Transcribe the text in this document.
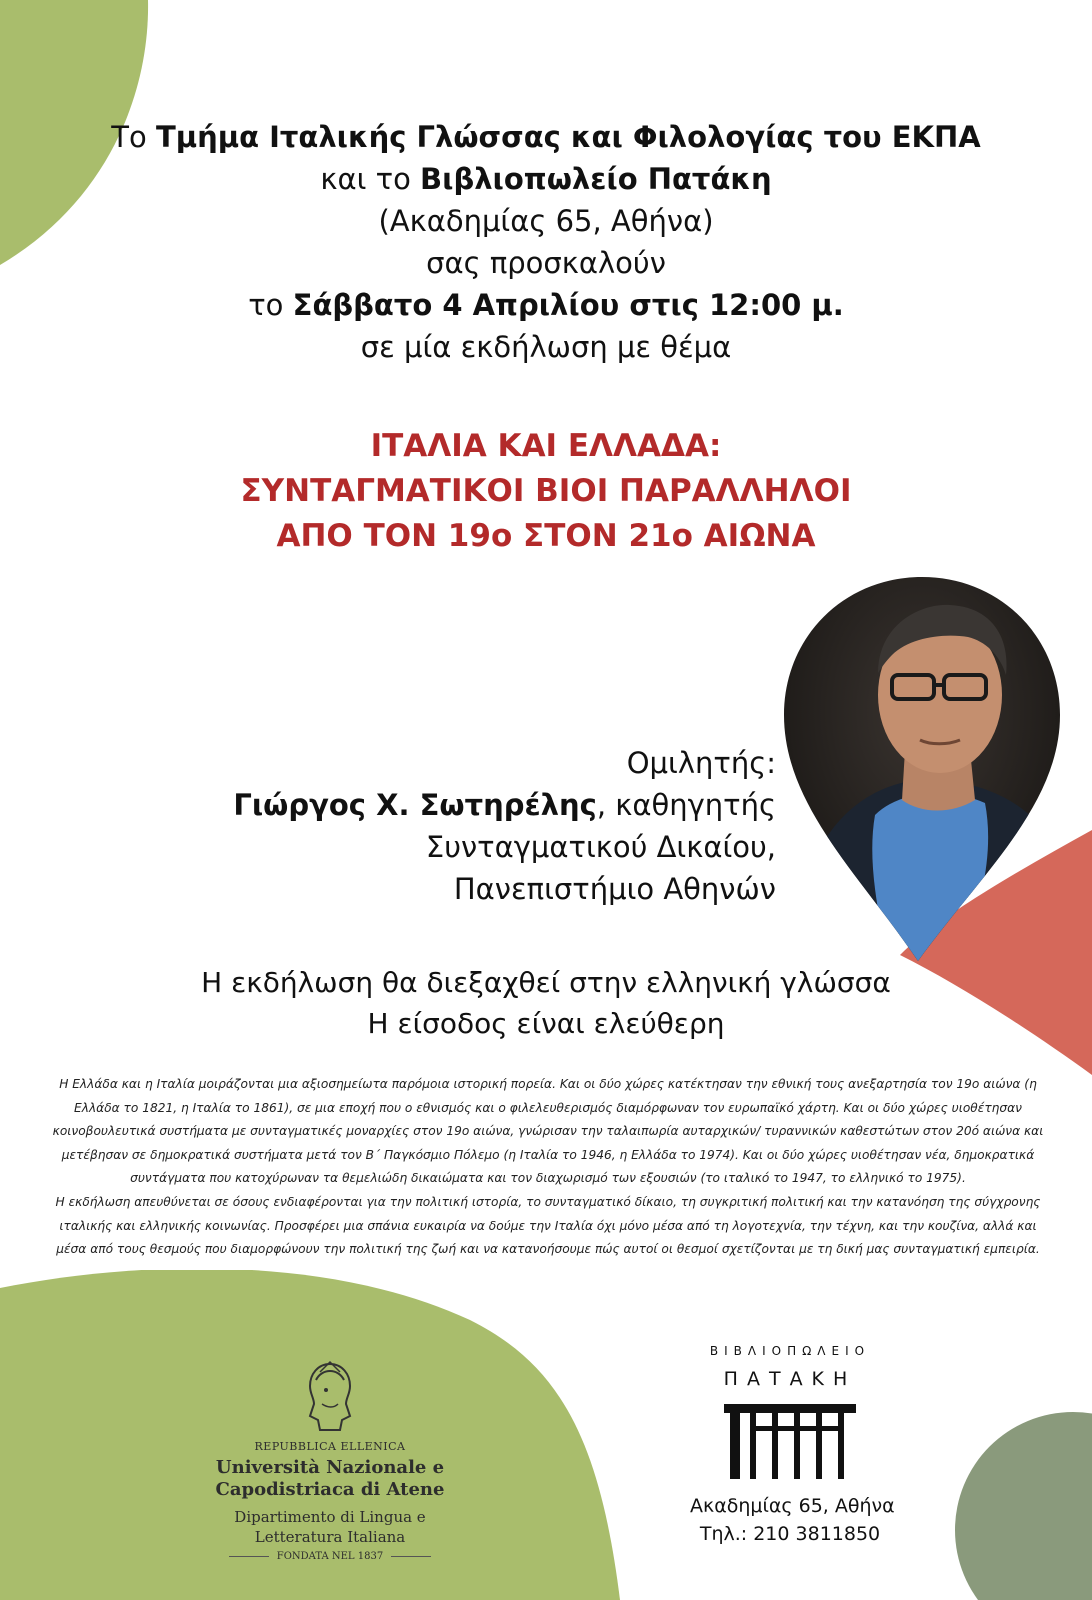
Το Τμήμα Ιταλικής Γλώσσας και Φιλολογίας του ΕΚΠΑ

και το Βιβλιοπωλείο Πατάκη

(Ακαδημίας 65, Αθήνα)

σας προσκαλούν

το Σάββατο 4 Απριλίου στις 12:00 μ.

σε μία εκδήλωση με θέμα

ΙΤΑΛΙΑ ΚΑΙ ΕΛΛΑΔΑ:
ΣΥΝΤΑΓΜΑΤΙΚΟΙ ΒΙΟΙ ΠΑΡΑΛΛΗΛΟΙ
ΑΠΟ ΤΟΝ 19ο ΣΤΟΝ 21ο ΑΙΩΝΑ
Ομιλητής:
Γιώργος Χ. Σωτηρέλης, καθηγητής
Συνταγματικού Δικαίου,
Πανεπιστήμιο Αθηνών
Η εκδήλωση θα διεξαχθεί στην ελληνική γλώσσα
Η είσοδος είναι ελεύθερη

Η Ελλάδα και η Ιταλία μοιράζονται μια αξιοσημείωτα παρόμοια ιστορική πορεία. Και οι δύο χώρες κατέκτησαν την εθνική τους ανεξαρτησία τον 19ο αιώνα (η Ελλάδα το 1821, η Ιταλία το 1861), σε μια εποχή που ο εθνισμός και ο φιλελευθερισμός διαμόρφωναν τον ευρωπαϊκό χάρτη. Και οι δύο χώρες υιοθέτησαν κοινοβουλευτικά συστήματα με συνταγματικές μοναρχίες στον 19ο αιώνα, γνώρισαν την ταλαιπωρία αυταρχικών/ τυραννικών καθεστώτων στον 20ό αιώνα και μετέβησαν σε δημοκρατικά συστήματα μετά τον Β΄ Παγκόσμιο Πόλεμο (η Ιταλία το 1946, η Ελλάδα το 1974). Και οι δύο χώρες υιοθέτησαν νέα, δημοκρατικά συντάγματα που κατοχύρωναν τα θεμελιώδη δικαιώματα και τον διαχωρισμό των εξουσιών (το ιταλικό το 1947, το ελληνικό το 1975).

Η εκδήλωση απευθύνεται σε όσους ενδιαφέρονται για την πολιτική ιστορία, το συνταγματικό δίκαιο, τη συγκριτική πολιτική και την κατανόηση της σύγχρονης ιταλικής και ελληνικής κοινωνίας. Προσφέρει μια σπάνια ευκαιρία να δούμε την Ιταλία όχι μόνο μέσα από τη λογοτεχνία, την τέχνη, και την κουζίνα, αλλά και μέσα από τους θεσμούς που διαμορφώνουν την πολιτική της ζωή και να κατανοήσουμε πώς αυτοί οι θεσμοί σχετίζονται με τη δική μας συνταγματική εμπειρία.

REPUBBLICA ELLENICA
Università Nazionale e
Capodistriaca di Atene
Dipartimento di Lingua e
Letteratura Italiana
FONDATA NEL 1837
ΒΙΒΛΙΟΠΩΛΕΙΟ
ΠΑΤΑΚΗ
Ακαδημίας 65, Αθήνα
Τηλ.: 210 3811850
